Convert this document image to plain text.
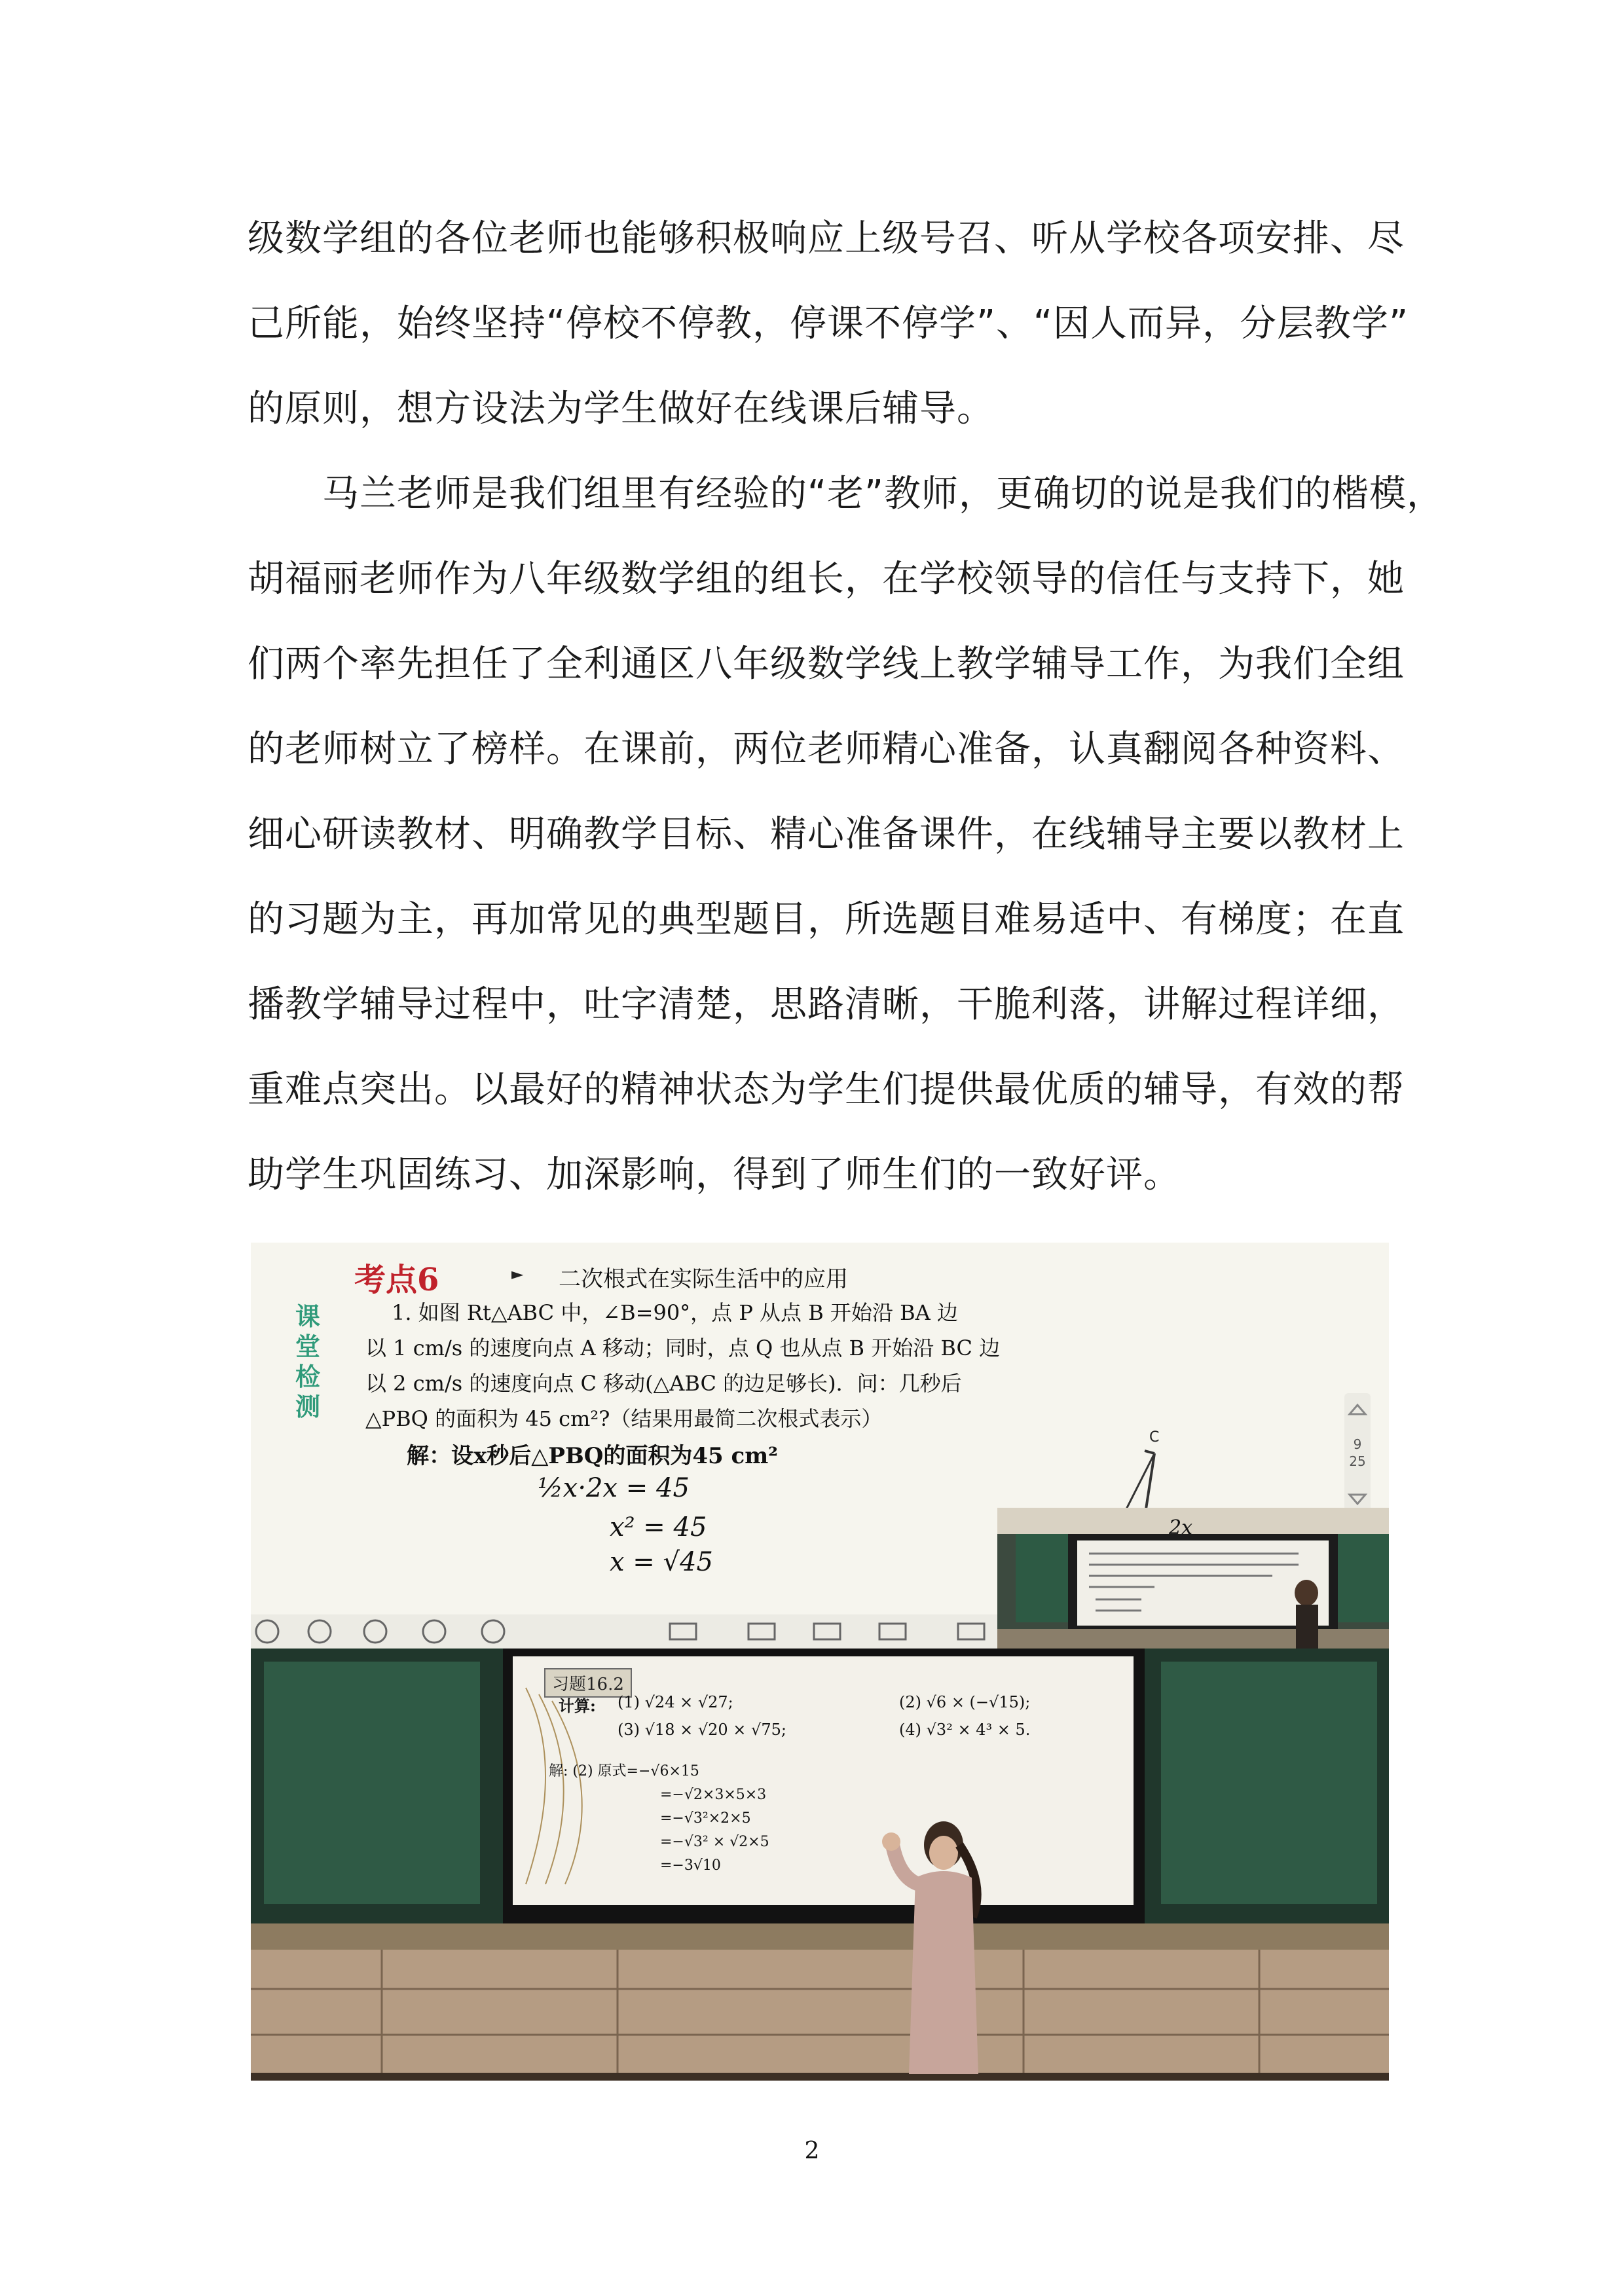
级数学组的各位老师也能够积极响应上级号召、听从学校各项安排、尽
己所能，始终坚持“停校不停教，停课不停学”、“因人而异，分层教学”
的原则，想方设法为学生做好在线课后辅导。
　　马兰老师是我们组里有经验的“老”教师，更确切的说是我们的楷模，
胡福丽老师作为八年级数学组的组长，在学校领导的信任与支持下，她
们两个率先担任了全利通区八年级数学线上教学辅导工作，为我们全组
的老师树立了榜样。在课前，两位老师精心准备，认真翻阅各种资料、
细心研读教材、明确教学目标、精心准备课件，在线辅导主要以教材上
的习题为主，再加常见的典型题目，所选题目难易适中、有梯度；在直
播教学辅导过程中，吐字清楚，思路清晰，干脆利落，讲解过程详细，
重难点突出。以最好的精神状态为学生们提供最优质的辅导，有效的帮
助学生巩固练习、加深影响，得到了师生们的一致好评。
考点6	► 二次根式在实际生活中的应用
课
堂
检
测
1. 如图 Rt△ABC 中，∠B=90°，点 P 从点 B 开始沿 BA 边
以 1 cm/s 的速度向点 A 移动；同时，点 Q 也从点 B 开始沿 BC 边
以 2 cm/s 的速度向点 C 移动(△ABC 的边足够长)．问：几秒后
△PBQ 的面积为 45 cm²?（结果用最简二次根式表示）
解：设x秒后△PBQ的面积为45 cm²
½x·2x = 45
x² = 45
x = √45
C
2x
9
25
习题16.2
计算: (1) √24 × √27;	(2) √6 × (−√15);
(3) √18 × √20 × √75;	(4) √3² × 4³ × 5.
解: (2) 原式=−√6×15
=−√2×3×5×3
=−√3²×2×5
=−√3² × √2×5
=−3√10
2
